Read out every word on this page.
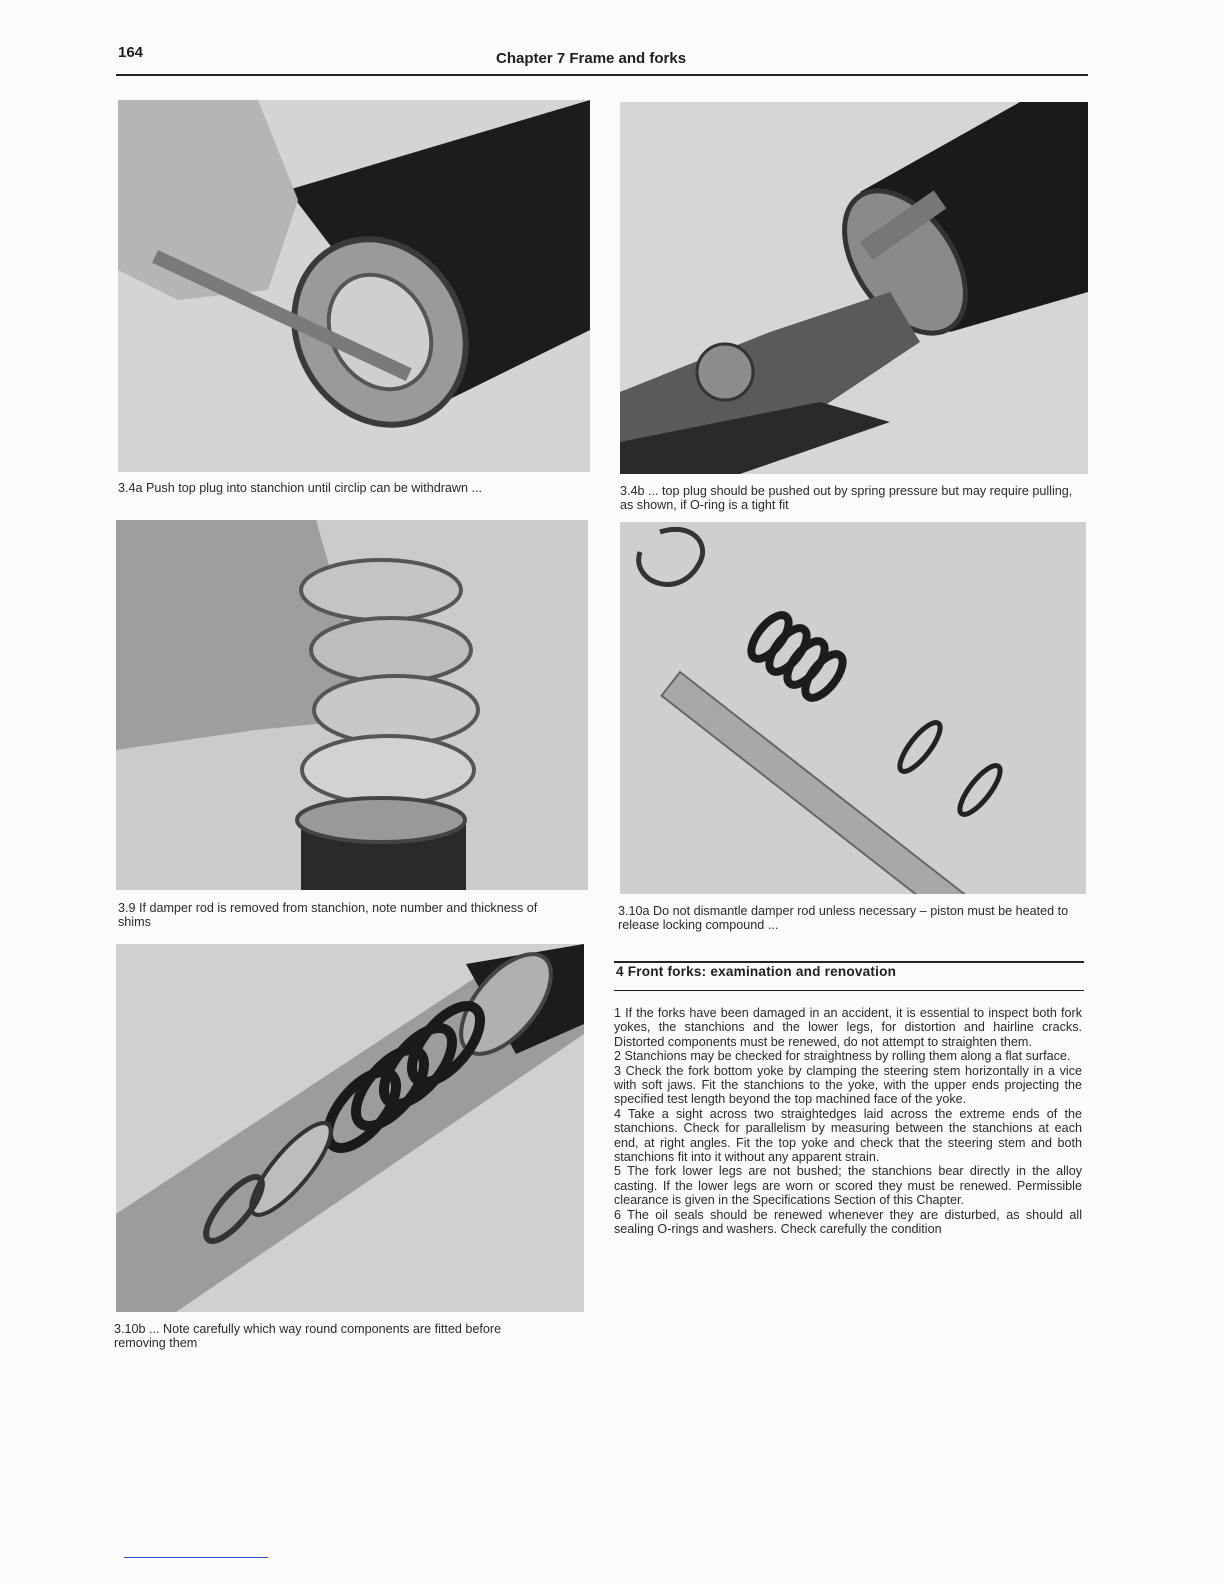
164	Chapter 7 Frame and forks
3.4a Push top plug into stanchion until circlip can be withdrawn ...	3.4b ... top plug should be pushed out by spring pressure but may require pulling, as shown, if O-ring is a tight fit
3.9 If damper rod is removed from stanchion, note number and thickness of shims
3.10a Do not dismantle damper rod unless necessary – piston must be heated to release locking compound ...
4 Front forks: examination and renovation

1 If the forks have been damaged in an accident, it is essential to inspect both fork yokes, the stanchions and the lower legs, for distortion and hairline cracks. Distorted components must be renewed, do not attempt to straighten them.

2 Stanchions may be checked for straightness by rolling them along a flat surface.

3 Check the fork bottom yoke by clamping the steering stem horizontally in a vice with soft jaws. Fit the stanchions to the yoke, with the upper ends projecting the specified test length beyond the top machined face of the yoke.

4 Take a sight across two straightedges laid across the extreme ends of the stanchions. Check for parallelism by measuring between the stanchions at each end, at right angles. Fit the top yoke and check that the steering stem and both stanchions fit into it without any apparent strain.

5 The fork lower legs are not bushed; the stanchions bear directly in the alloy casting. If the lower legs are worn or scored they must be renewed. Permissible clearance is given in the Specifications Section of this Chapter.

6 The oil seals should be renewed whenever they are disturbed, as should all sealing O-rings and washers. Check carefully the condition

3.10b ... Note carefully which way round components are fitted before removing them
